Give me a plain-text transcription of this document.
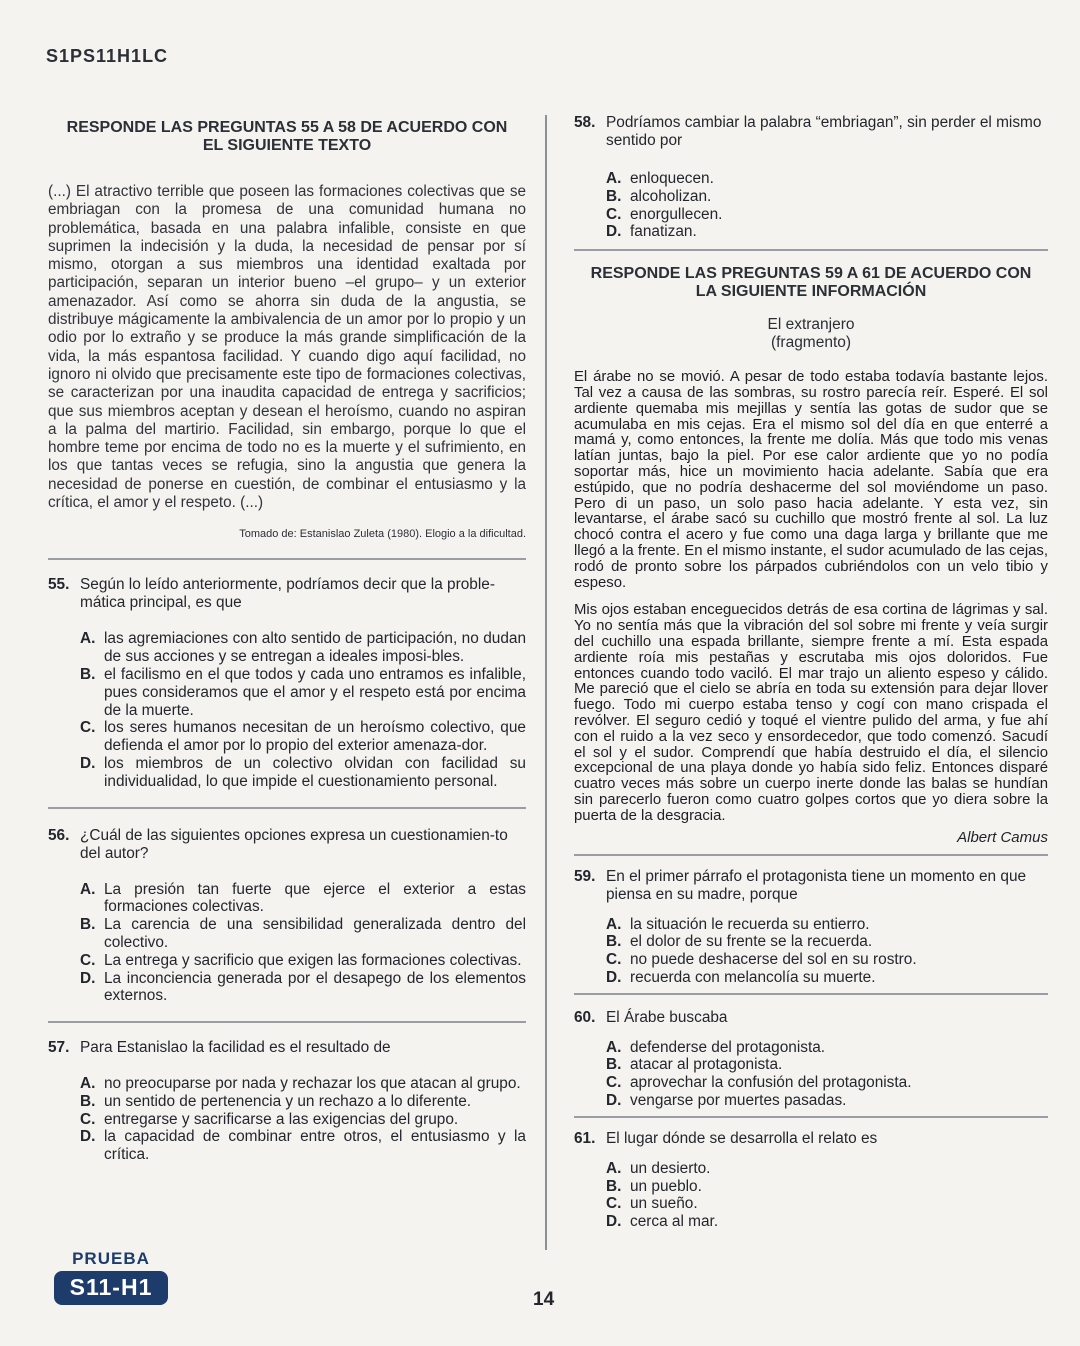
S1PS11H1LC
RESPONDE LAS PREGUNTAS 55 A 58 DE ACUERDO CON
EL SIGUIENTE TEXTO

(...) El atractivo terrible que poseen las formaciones colectivas que se embriagan con la promesa de una comunidad humana no problemática, basada en una palabra infalible, consiste en que suprimen la indecisión y la duda, la necesidad de pensar por sí mismo, otorgan a sus miembros una identidad exaltada por participación, separan un interior bueno –el grupo– y un exterior amenazador. Así como se ahorra sin duda de la angustia, se distribuye mágicamente la ambivalencia de un amor por lo propio y un odio por lo extraño y se produce la más grande simplificación de la vida, la más espantosa facilidad. Y cuando digo aquí facilidad, no ignoro ni olvido que precisamente este tipo de formaciones colectivas, se caracterizan por una inaudita capacidad de entrega y sacrificios; que sus miembros aceptan y desean el heroísmo, cuando no aspiran a la palma del martirio. Facilidad, sin embargo, porque lo que el hombre teme por encima de todo no es la muerte y el sufrimiento, en los que tantas veces se refugia, sino la angustia que genera la necesidad de ponerse en cuestión, de combinar el entusiasmo y la crítica, el amor y el respeto. (...)

Tomado de: Estanislao Zuleta (1980). Elogio a la dificultad.
55. Según lo leído anteriormente, podríamos decir que la proble-mática principal, es que
A. las agremiaciones con alto sentido de participación, no dudan de sus acciones y se entregan a ideales imposi-bles.
B. el facilismo en el que todos y cada uno entramos es infalible, pues consideramos que el amor y el respeto está por encima de la muerte.
C. los seres humanos necesitan de un heroísmo colectivo, que defienda el amor por lo propio del exterior amenaza-dor.
D. los miembros de un colectivo olvidan con facilidad su individualidad, lo que impide el cuestionamiento personal.
56. ¿Cuál de las siguientes opciones expresa un cuestionamien-to del autor?
A. La presión tan fuerte que ejerce el exterior a estas formaciones colectivas.
B. La carencia de una sensibilidad generalizada dentro del colectivo.
C. La entrega y sacrificio que exigen las formaciones colectivas.
D. La inconciencia generada por el desapego de los elementos externos.
57. Para Estanislao la facilidad es el resultado de
A. no preocuparse por nada y rechazar los que atacan al grupo.
B. un sentido de pertenencia y un rechazo a lo diferente.
C. entregarse y sacrificarse a las exigencias del grupo.
D. la capacidad de combinar entre otros, el entusiasmo y la crítica.
58. Podríamos cambiar la palabra “embriagan”, sin perder el mismo sentido por
A. enloquecen.
B. alcoholizan.
C. enorgullecen.
D. fanatizan.
RESPONDE LAS PREGUNTAS 59 A 61 DE ACUERDO CON
LA SIGUIENTE INFORMACIÓN
El extranjero
(fragmento)

El árabe no se movió. A pesar de todo estaba todavía bastante lejos. Tal vez a causa de las sombras, su rostro parecía reír. Esperé. El sol ardiente quemaba mis mejillas y sentía las gotas de sudor que se acumulaba en mis cejas. Era el mismo sol del día en que enterré a mamá y, como entonces, la frente me dolía. Más que todo mis venas latían juntas, bajo la piel. Por ese calor ardiente que yo no podía soportar más, hice un movimiento hacia adelante. Sabía que era estúpido, que no podría deshacerme del sol moviéndome un paso. Pero di un paso, un solo paso hacia adelante. Y esta vez, sin levantarse, el árabe sacó su cuchillo que mostró frente al sol. La luz chocó contra el acero y fue como una daga larga y brillante que me llegó a la frente. En el mismo instante, el sudor acumulado de las cejas, rodó de pronto sobre los párpados cubriéndolos con un velo tibio y espeso.

Mis ojos estaban enceguecidos detrás de esa cortina de lágrimas y sal. Yo no sentía más que la vibración del sol sobre mi frente y veía surgir del cuchillo una espada brillante, siempre frente a mí. Esta espada ardiente roía mis pestañas y escrutaba mis ojos doloridos. Fue entonces cuando todo vaciló. El mar trajo un aliento espeso y cálido. Me pareció que el cielo se abría en toda su extensión para dejar llover fuego. Todo mi cuerpo estaba tenso y cogí con mano crispada el revólver. El seguro cedió y toqué el vientre pulido del arma, y fue ahí con el ruido a la vez seco y ensordecedor, que todo comenzó. Sacudí el sol y el sudor. Comprendí que había destruido el día, el silencio excepcional de una playa donde yo había sido feliz. Entonces disparé cuatro veces más sobre un cuerpo inerte donde las balas se hundían sin parecerlo fueron como cuatro golpes cortos que yo diera sobre la puerta de la desgracia.

Albert Camus
59. En el primer párrafo el protagonista tiene un momento en que piensa en su madre, porque
A. la situación le recuerda su entierro.
B. el dolor de su frente se la recuerda.
C. no puede deshacerse del sol en su rostro.
D. recuerda con melancolía su muerte.
60. El Árabe buscaba
A. defenderse del protagonista.
B. atacar al protagonista.
C. aprovechar la confusión del protagonista.
D. vengarse por muertes pasadas.
61. El lugar dónde se desarrolla el relato es
A. un desierto.
B. un pueblo.
C. un sueño.
D. cerca al mar.
PRUEBA
S11-H1	14
